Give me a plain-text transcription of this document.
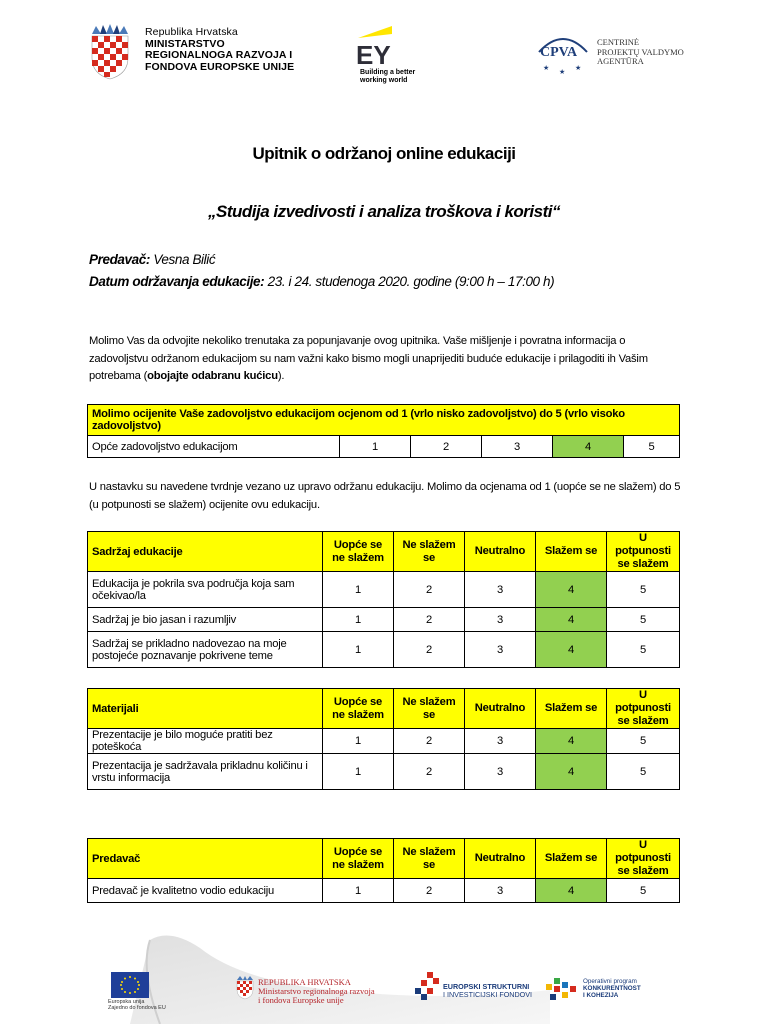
Republika Hrvatska
MINISTARSTVO
REGIONALNOGA RAZVOJA I
FONDOVA EUROPSKE UNIJE EY
Building a better
working world
CPVA
★ ★ ★
CENTRINĖ
PROJEKTŲ VALDYMO
AGENTŪRA
Upitnik o održanoj online edukaciji
„Studija izvedivosti i analiza troškova i koristi“
Predavač: Vesna Bilić
Datum održavanja edukacije: 23. i 24. studenoga 2020. godine (9:00 h – 17:00 h)
Molimo Vas da odvojite nekoliko trenutaka za popunjavanje ovog upitnika. Vaše mišljenje i povratna informacija o zadovoljstvu održanom edukacijom su nam važni kako bismo mogli unaprijediti buduće edukacije i prilagoditi ih Vašim potrebama (obojajte odabranu kućicu).
Molimo ocijenite Vaše zadovoljstvo edukacijom ocjenom od 1 (vrlo nisko zadovoljstvo) do 5 (vrlo visoko zadovoljstvo)
Opće zadovoljstvo edukacijom	1	2	3	4	5
U nastavku su navedene tvrdnje vezano uz upravo održanu edukaciju. Molimo da ocjenama od 1 (uopće se ne slažem) do 5 (u potpunosti se slažem) ocijenite ovu edukaciju.
Sadržaj edukacije	Uopće se ne slažem	Ne slažem se	Neutralno	Slažem se	U potpunosti se slažem
Edukacija je pokrila sva područja koja sam očekivao/la	1	2	3	4	5
Sadržaj je bio jasan i razumljiv	1	2	3	4	5
Sadržaj se prikladno nadovezao na moje postojeće poznavanje pokrivene teme	1	2	3	4	5
Materijali	Uopće se ne slažem	Ne slažem se	Neutralno	Slažem se	U potpunosti se slažem
Prezentacije je bilo moguće pratiti bez poteškoća	1	2	3	4	5
Prezentacija je sadržavala prikladnu količinu i vrstu informacija	1	2	3	4	5
Predavač	Uopće se ne slažem	Ne slažem se	Neutralno	Slažem se	U potpunosti se slažem
Predavač je kvalitetno vodio edukaciju	1	2	3	4	5
Europska unija
Zajedno do fondova EU
REPUBLIKA HRVATSKA
Ministarstvo regionalnoga razvoja
i fondova Europske unije
EUROPSKI STRUKTURNI
I INVESTICIJSKI FONDOVI
Operativni program
KONKURENTNOST
I KOHEZIJA
